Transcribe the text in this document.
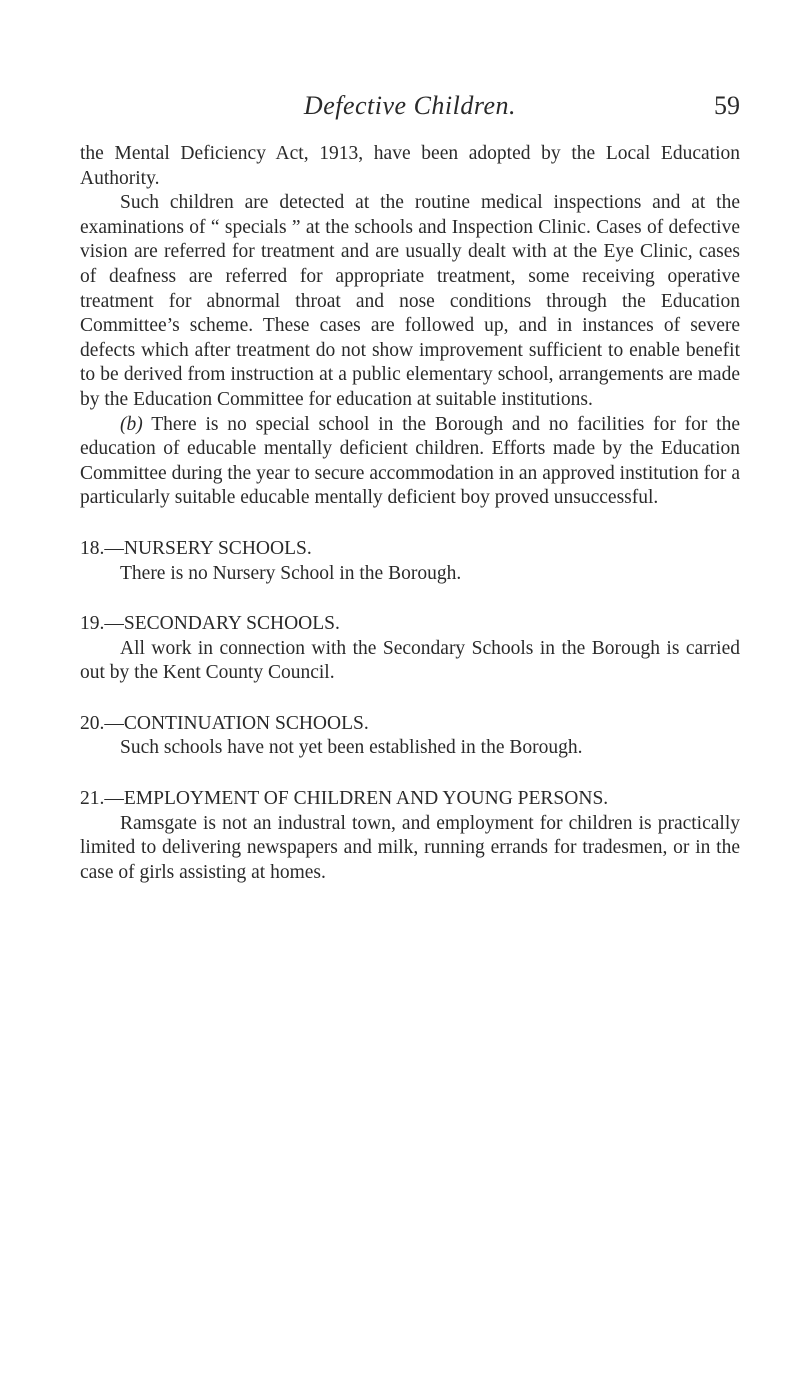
Defective Children.	59

the Mental Deficiency Act, 1913, have been adopted by the Local Education Authority.

Such children are detected at the routine medical inspections and at the examinations of “ specials ” at the schools and Inspection Clinic. Cases of defective vision are referred for treatment and are usually dealt with at the Eye Clinic, cases of deafness are referred for appropriate treatment, some receiving operative treatment for abnormal throat and nose conditions through the Education Committee’s scheme. These cases are followed up, and in instances of severe defects which after treatment do not show improvement sufficient to enable benefit to be derived from instruction at a public elementary school, arrangements are made by the Education Committee for education at suitable institutions.

(b) There is no special school in the Borough and no facilities for for the education of educable mentally deficient children. Efforts made by the Education Committee during the year to secure accommodation in an approved institution for a particularly suitable educable mentally deficient boy proved unsuccessful.

18.—NURSERY SCHOOLS.

There is no Nursery School in the Borough.

19.—SECONDARY SCHOOLS.

All work in connection with the Secondary Schools in the Borough is carried out by the Kent County Council.

20.—CONTINUATION SCHOOLS.

Such schools have not yet been established in the Borough.

21.—EMPLOYMENT OF CHILDREN AND YOUNG PERSONS.

Ramsgate is not an industral town, and employment for children is practically limited to delivering newspapers and milk, running errands for tradesmen, or in the case of girls assisting at homes.
